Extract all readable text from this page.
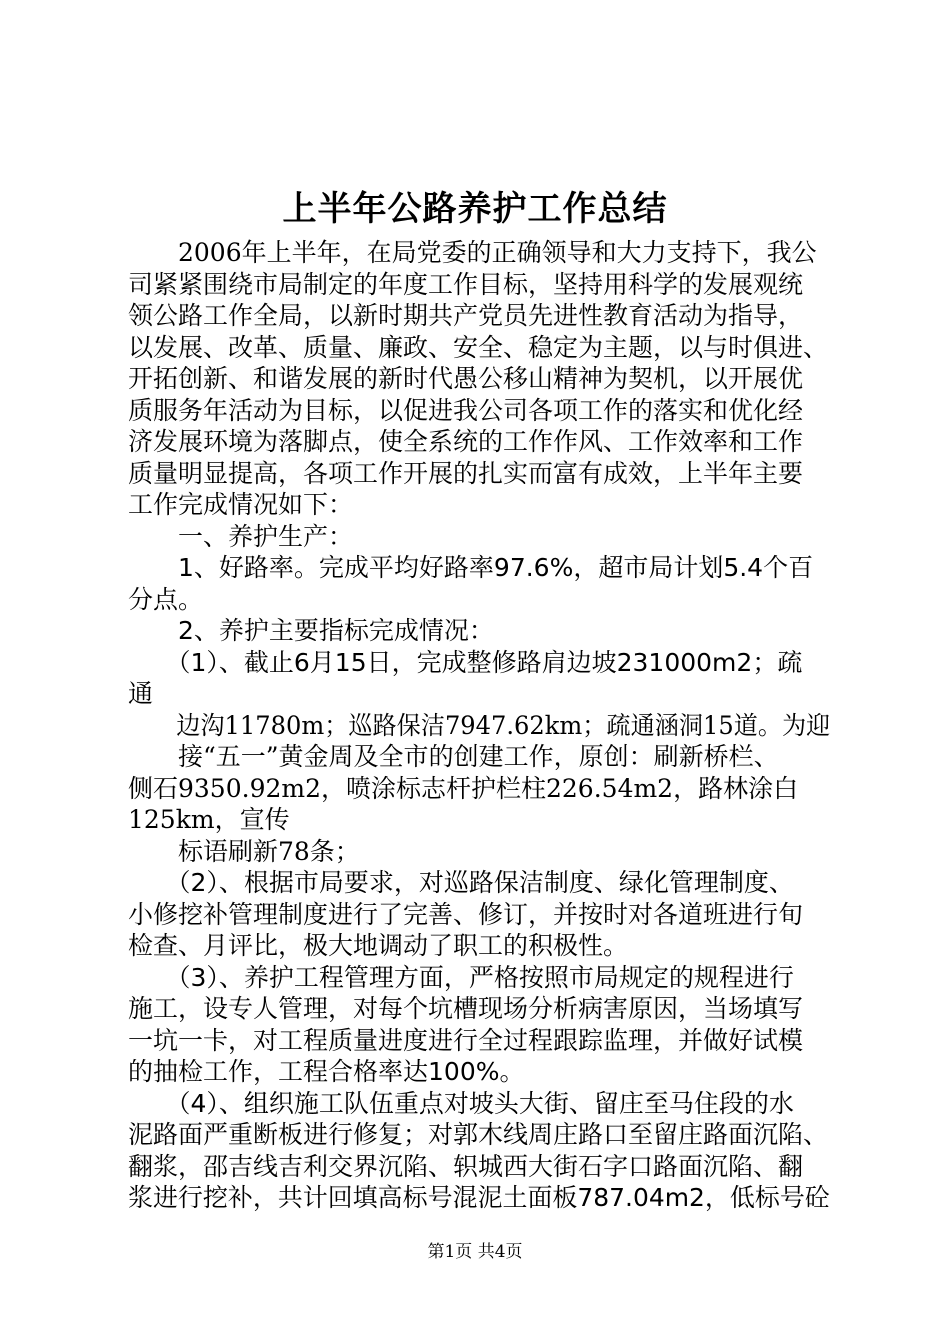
上半年公路养护工作总结

　　2006年上半年，在局党委的正确领导和大力支持下，我公

司紧紧围绕市局制定的年度工作目标，坚持用科学的发展观统

领公路工作全局，以新时期共产党员先进性教育活动为指导，

以发展、改革、质量、廉政、安全、稳定为主题，以与时俱进、

开拓创新、和谐发展的新时代愚公移山精神为契机，以开展优

质服务年活动为目标，以促进我公司各项工作的落实和优化经

济发展环境为落脚点，使全系统的工作作风、工作效率和工作

质量明显提高，各项工作开展的扎实而富有成效，上半年主要

工作完成情况如下：

　　一、养护生产：

　　1、好路率。完成平均好路率97.6%，超市局计划5.4个百

分点。

　　2、养护主要指标完成情况：

　　（1）、截止6月15日，完成整修路肩边坡231000m2；疏

通

　　边沟11780m；巡路保洁7947.62km；疏通涵洞15道。为迎

　　接“五一”黄金周及全市的创建工作，原创：刷新桥栏、

侧石9350.92m2，喷涂标志杆护栏柱226.54m2，路林涂白

125km，宣传

　　标语刷新78条；

　　（2）、根据市局要求，对巡路保洁制度、绿化管理制度、

小修挖补管理制度进行了完善、修订，并按时对各道班进行旬

检查、月评比，极大地调动了职工的积极性。

　　（3）、养护工程管理方面，严格按照市局规定的规程进行

施工，设专人管理，对每个坑槽现场分析病害原因，当场填写

一坑一卡，对工程质量进度进行全过程跟踪监理，并做好试模

的抽检工作，工程合格率达100%。

　　（4）、组织施工队伍重点对坡头大街、留庄至马住段的水

泥路面严重断板进行修复；对郭木线周庄路口至留庄路面沉陷、

翻浆，邵吉线吉利交界沉陷、轵城西大街石字口路面沉陷、翻

浆进行挖补，共计回填高标号混泥土面板787.04m2，低标号砼

第1页 共4页
